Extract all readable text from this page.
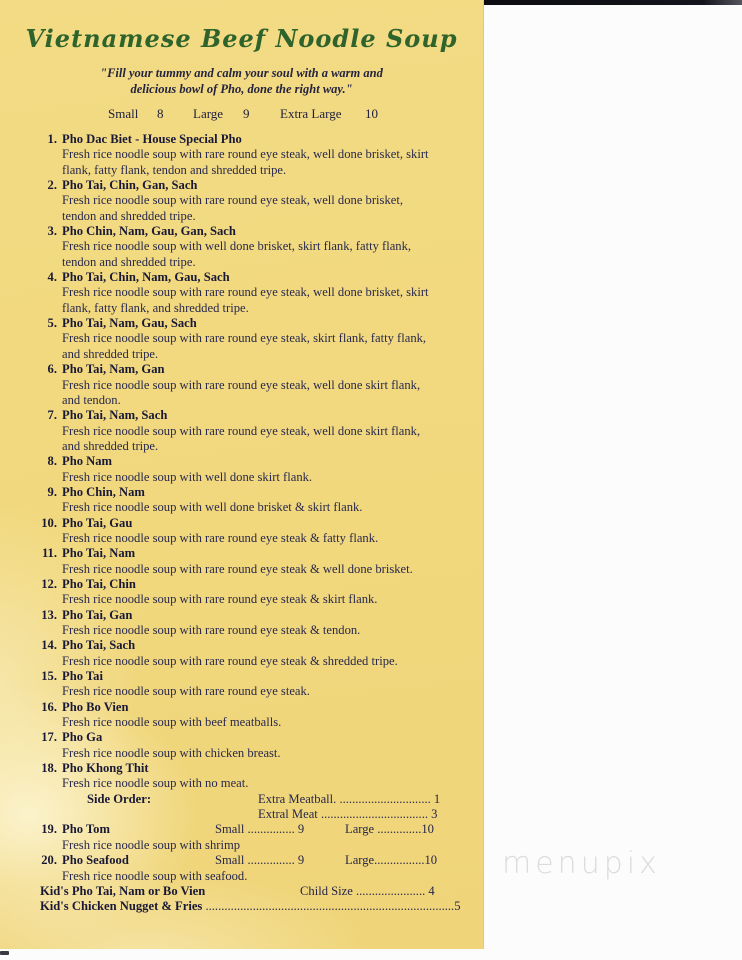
menupix
Vietnamese Beef Noodle Soup
"Fill your tummy and calm your soul with a warm and
delicious bowl of Pho, done the right way."
Small 8 Large 9 Extra Large 10
1. Pho Dac Biet - House Special Pho
Fresh rice noodle soup with rare round eye steak, well done brisket, skirt
flank, fatty flank, tendon and shredded tripe.
2. Pho Tai, Chin, Gan, Sach
Fresh rice noodle soup with rare round eye steak, well done brisket,
tendon and shredded tripe.
3. Pho Chin, Nam, Gau, Gan, Sach
Fresh rice noodle soup with well done brisket, skirt flank, fatty flank,
tendon and shredded tripe.
4. Pho Tai, Chin, Nam, Gau, Sach
Fresh rice noodle soup with rare round eye steak, well done brisket, skirt
flank, fatty flank, and shredded tripe.
5. Pho Tai, Nam, Gau, Sach
Fresh rice noodle soup with rare round eye steak, skirt flank, fatty flank,
and shredded tripe.
6. Pho Tai, Nam, Gan
Fresh rice noodle soup with rare round eye steak, well done skirt flank,
and tendon.
7. Pho Tai, Nam, Sach
Fresh rice noodle soup with rare round eye steak, well done skirt flank,
and shredded tripe.
8. Pho Nam
Fresh rice noodle soup with well done skirt flank.
9. Pho Chin, Nam
Fresh rice noodle soup with well done brisket & skirt flank.
10. Pho Tai, Gau
Fresh rice noodle soup with rare round eye steak & fatty flank.
11. Pho Tai, Nam
Fresh rice noodle soup with rare round eye steak & well done brisket.
12. Pho Tai, Chin
Fresh rice noodle soup with rare round eye steak & skirt flank.
13. Pho Tai, Gan
Fresh rice noodle soup with rare round eye steak & tendon.
14. Pho Tai, Sach
Fresh rice noodle soup with rare round eye steak & shredded tripe.
15. Pho Tai
Fresh rice noodle soup with rare round eye steak.
16. Pho Bo Vien
Fresh rice noodle soup with beef meatballs.
17. Pho Ga
Fresh rice noodle soup with chicken breast.
18. Pho Khong Thit
Fresh rice noodle soup with no meat.
Side Order:	Extra Meatball. ............................. 1
Extral Meat .................................. 3
19. Pho Tom	Small ............... 9	Large ..............10
Fresh rice noodle soup with shrimp
20. Pho Seafood	Small ............... 9	Large................10
Fresh rice noodle soup with seafood.
Kid's Pho Tai, Nam or Bo Vien	Child Size ...................... 4
Kid's Chicken Nugget & Fries ...............................................................................5
